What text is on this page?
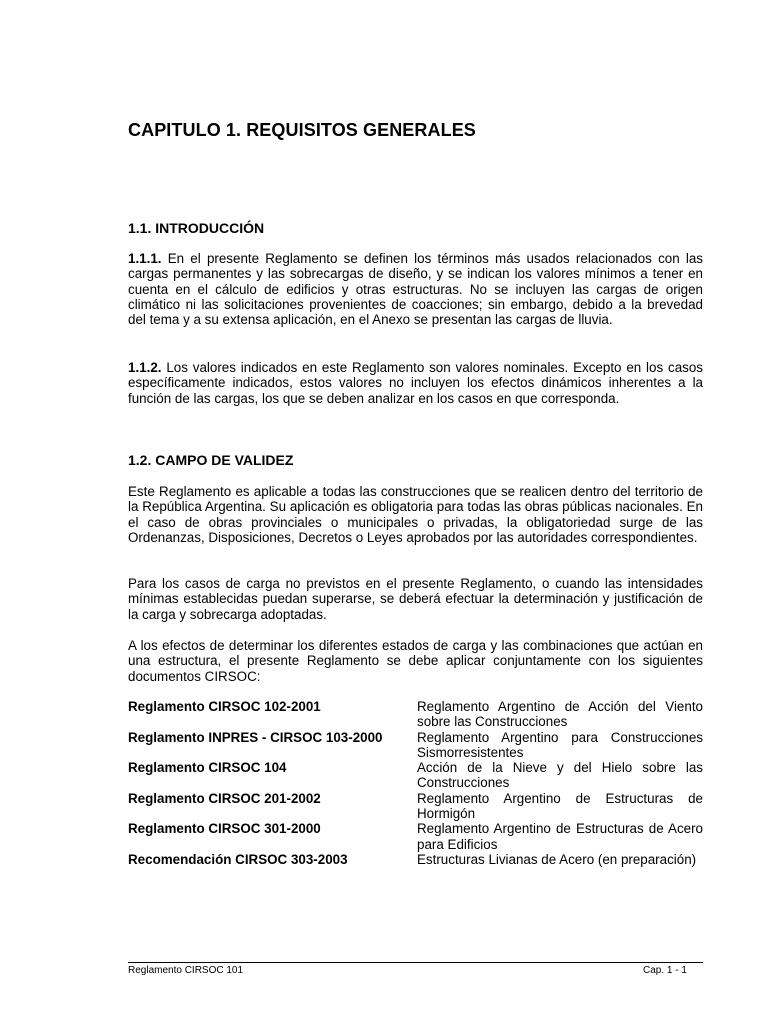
CAPITULO 1. REQUISITOS GENERALES
1.1. INTRODUCCIÓN

1.1.1. En el presente Reglamento se definen los términos más usados relacionados con las cargas permanentes y las sobrecargas de diseño, y se indican los valores mínimos a tener en cuenta en el cálculo de edificios y otras estructuras. No se incluyen las cargas de origen climático ni las solicitaciones provenientes de coacciones; sin embargo, debido a la brevedad del tema y a su extensa aplicación, en el Anexo se presentan las cargas de lluvia.

1.1.2. Los valores indicados en este Reglamento son valores nominales. Excepto en los casos específicamente indicados, estos valores no incluyen los efectos dinámicos inherentes a la función de las cargas, los que se deben analizar en los casos en que corresponda.

1.2. CAMPO DE VALIDEZ

Este Reglamento es aplicable a todas las construcciones que se realicen dentro del territorio de la República Argentina. Su aplicación es obligatoria para todas las obras públicas nacionales. En el caso de obras provinciales o municipales o privadas, la obligatoriedad surge de las Ordenanzas, Disposiciones, Decretos o Leyes aprobados por las autoridades correspondientes.

Para los casos de carga no previstos en el presente Reglamento, o cuando las intensidades mínimas establecidas puedan superarse, se deberá efectuar la determinación y justificación de la carga y sobrecarga adoptadas.

A los efectos de determinar los diferentes estados de carga y las combinaciones que actúan en una estructura, el presente Reglamento se debe aplicar conjuntamente con los siguientes documentos CIRSOC:

Reglamento CIRSOC 102-2001	Reglamento Argentino de Acción del Viento sobre las Construcciones
Reglamento INPRES - CIRSOC 103-2000	Reglamento Argentino para Construcciones Sismorresistentes
Reglamento CIRSOC 104	Acción de la Nieve y del Hielo sobre las Construcciones
Reglamento CIRSOC 201-2002	Reglamento Argentino de Estructuras de Hormigón
Reglamento CIRSOC 301-2000	Reglamento Argentino de Estructuras de Acero para Edificios
Recomendación CIRSOC 303-2003	Estructuras Livianas de Acero (en preparación)
Reglamento CIRSOC 101	Cap. 1 - 1
